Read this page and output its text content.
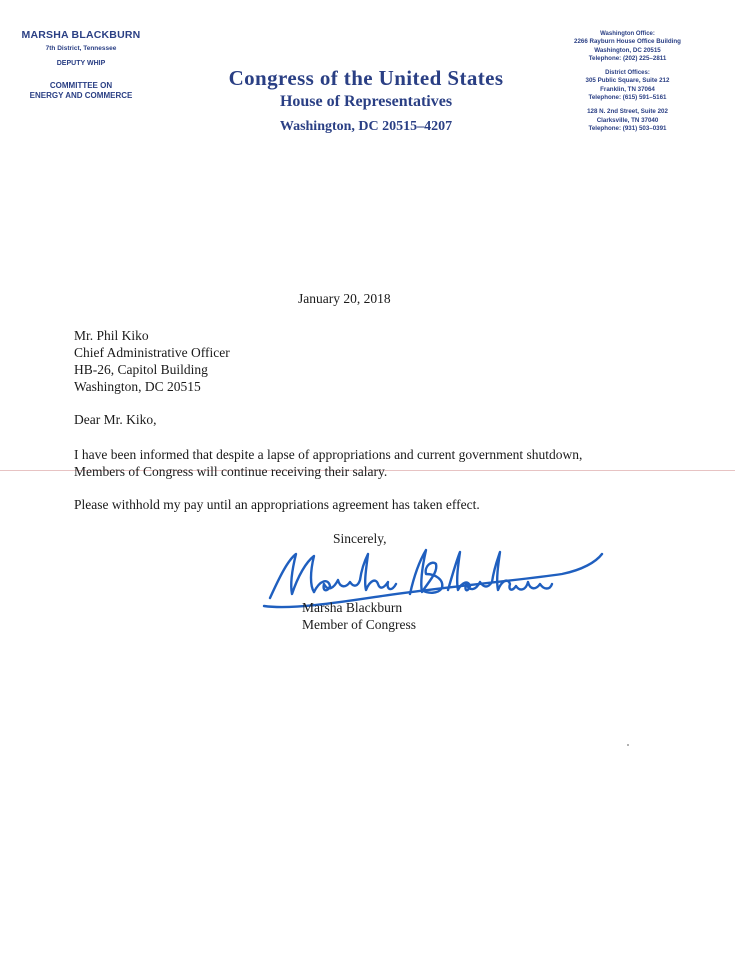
MARSHA BLACKBURN
7th District, Tennessee
DEPUTY WHIP
COMMITTEE ON
ENERGY AND COMMERCE
Congress of the United States
House of Representatives
Washington, DC 20515–4207
Washington Office:
2266 Rayburn House Office Building
Washington, DC 20515
Telephone: (202) 225–2811
District Offices:
305 Public Square, Suite 212
Franklin, TN 37064
Telephone: (615) 591–5161
128 N. 2nd Street, Suite 202
Clarksville, TN 37040
Telephone: (931) 503–0391
January 20, 2018
Mr. Phil Kiko
Chief Administrative Officer
HB-26, Capitol Building
Washington, DC 20515
Dear Mr. Kiko,
I have been informed that despite a lapse of appropriations and current government shutdown,
Members of Congress will continue receiving their salary.
Please withhold my pay until an appropriations agreement has taken effect.
Sincerely,
Marsha Blackburn
Member of Congress
